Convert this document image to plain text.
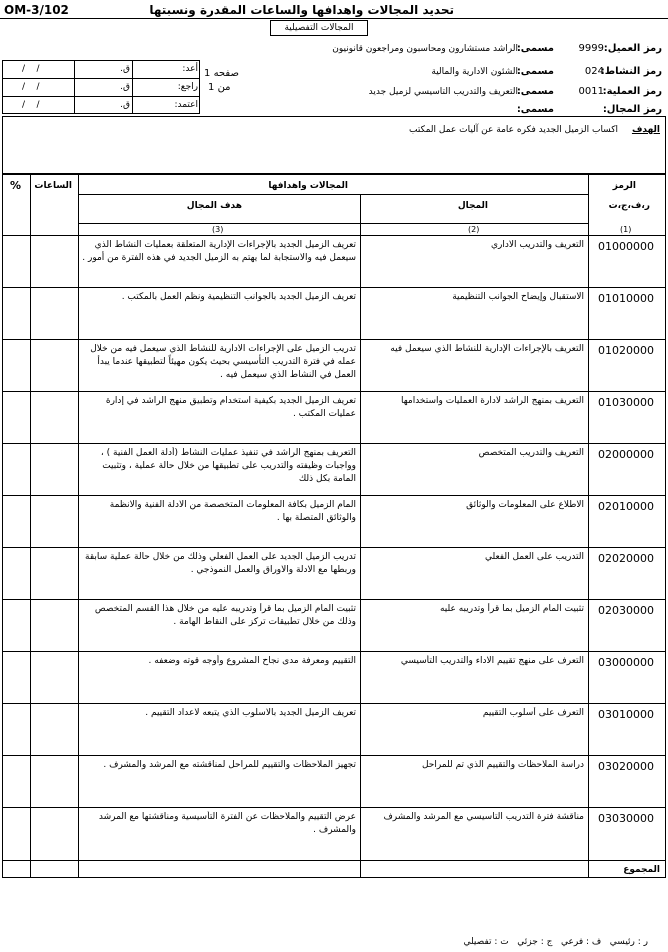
OM-3/102	تحديد المجالات واهدافها والساعات المقدرة ونسبتها
المجالات التفصيلية
رمز العميل:
9999
مسمى:
الراشد مستشارون ومحاسبون ومراجعون قانونيون
رمز النشاط:
024
مسمى:
الشئون الادارية والمالية
رمز العملية:
0011
مسمى:
التعريف والتدريب التاسيسي لزميل جديد
رمز المجال:
مسمى:
صفحه 1
من 1
أعد:
راجع:
اعتمد:
ق.
ق.
ق.
/    /
/    /
/    /
الهدف
اكساب الزميل الجديد فكره عامة عن آليات عمل المكتب
المجالات واهدافها	الرمز
ر،ف،ج،ت
المجال
هدف المجال
الساعات
%
(1)
(2)
(3)
01000000
التعريف والتدريب الاداري
تعريف الزميل الجديد بالإجراءات الإدارية المتعلقة بعمليات النشاط الذي سيعمل فيه والاستجابة لما يهتم به الزميل الجديد في هذه الفترة من أمور .
01010000
الاستقبال وإيضاح الجوانب التنظيمية
تعريف الزميل الجديد بالجوانب التنظيمية ونظم العمل بالمكتب .
01020000
التعريف بالإجراءات الإدارية للنشاط الذي سيعمل فيه
تدريب الزميل على الإجراءات الادارية للنشاط الذي سيعمل فيه من خلال عمله في فترة التدريب التأسيسي بحيث يكون مهيئاً لتطبيقها عندما يبدأ العمل في النشاط الذي سيعمل فيه .
01030000
التعريف بمنهج الراشد لادارة العمليات واستخدامها
تعريف الزميل الجديد بكيفية استخدام وتطبيق منهج الراشد في إدارة عمليات المكتب .
02000000
التعريف والتدريب المتخصص
التعريف بمنهج الراشد في تنفيذ عمليات النشاط (أدلة العمل الفنية ) ، وواجبات وظيفته والتدريب على تطبيقها من خلال حالة عملية ، وتثبيت المامة بكل ذلك
02010000
الاطلاع على المعلومات والوثائق
المام الزميل بكافة المعلومات المتخصصة من الادلة الفنية والانظمة والوثائق المتصلة بها .
02020000
التدريب على العمل الفعلي
تدريب الزميل الجديد على العمل الفعلي وذلك من خلال حالة عملية سابقة وربطها مع الادلة والاوراق والعمل النموذجي .
02030000
تثبيت المام الزميل بما قرأ وتدريبه عليه
تثبيت المام الزميل بما قرأ وتدريبه عليه من خلال هذا القسم المتخصص وذلك من خلال تطبيقات تركز على النقاط الهامة .
03000000
التعرف على منهج تقييم الاداء والتدريب التأسيسي
التقييم ومعرفة مدى نجاح المشروع وأوجه قوته وضعفه .
03010000
التعرف على أسلوب التقييم
تعريف الزميل الجديد بالاسلوب الذي يتبعه لاعداد التقييم .
03020000
دراسة الملاحظات والتقييم الذي تم للمراحل
تجهيز الملاحظات والتقييم للمراحل لمناقشته مع المرشد والمشرف .
03030000
مناقشة فترة التدريب التاسيسي مع المرشد والمشرف
عرض التقييم والملاحظات عن الفترة التأسيسية ومناقشتها مع المرشد والمشرف .
المجموع
ر : رئيسي   ف : فرعي   ج : جزئي   ت : تفصيلي
